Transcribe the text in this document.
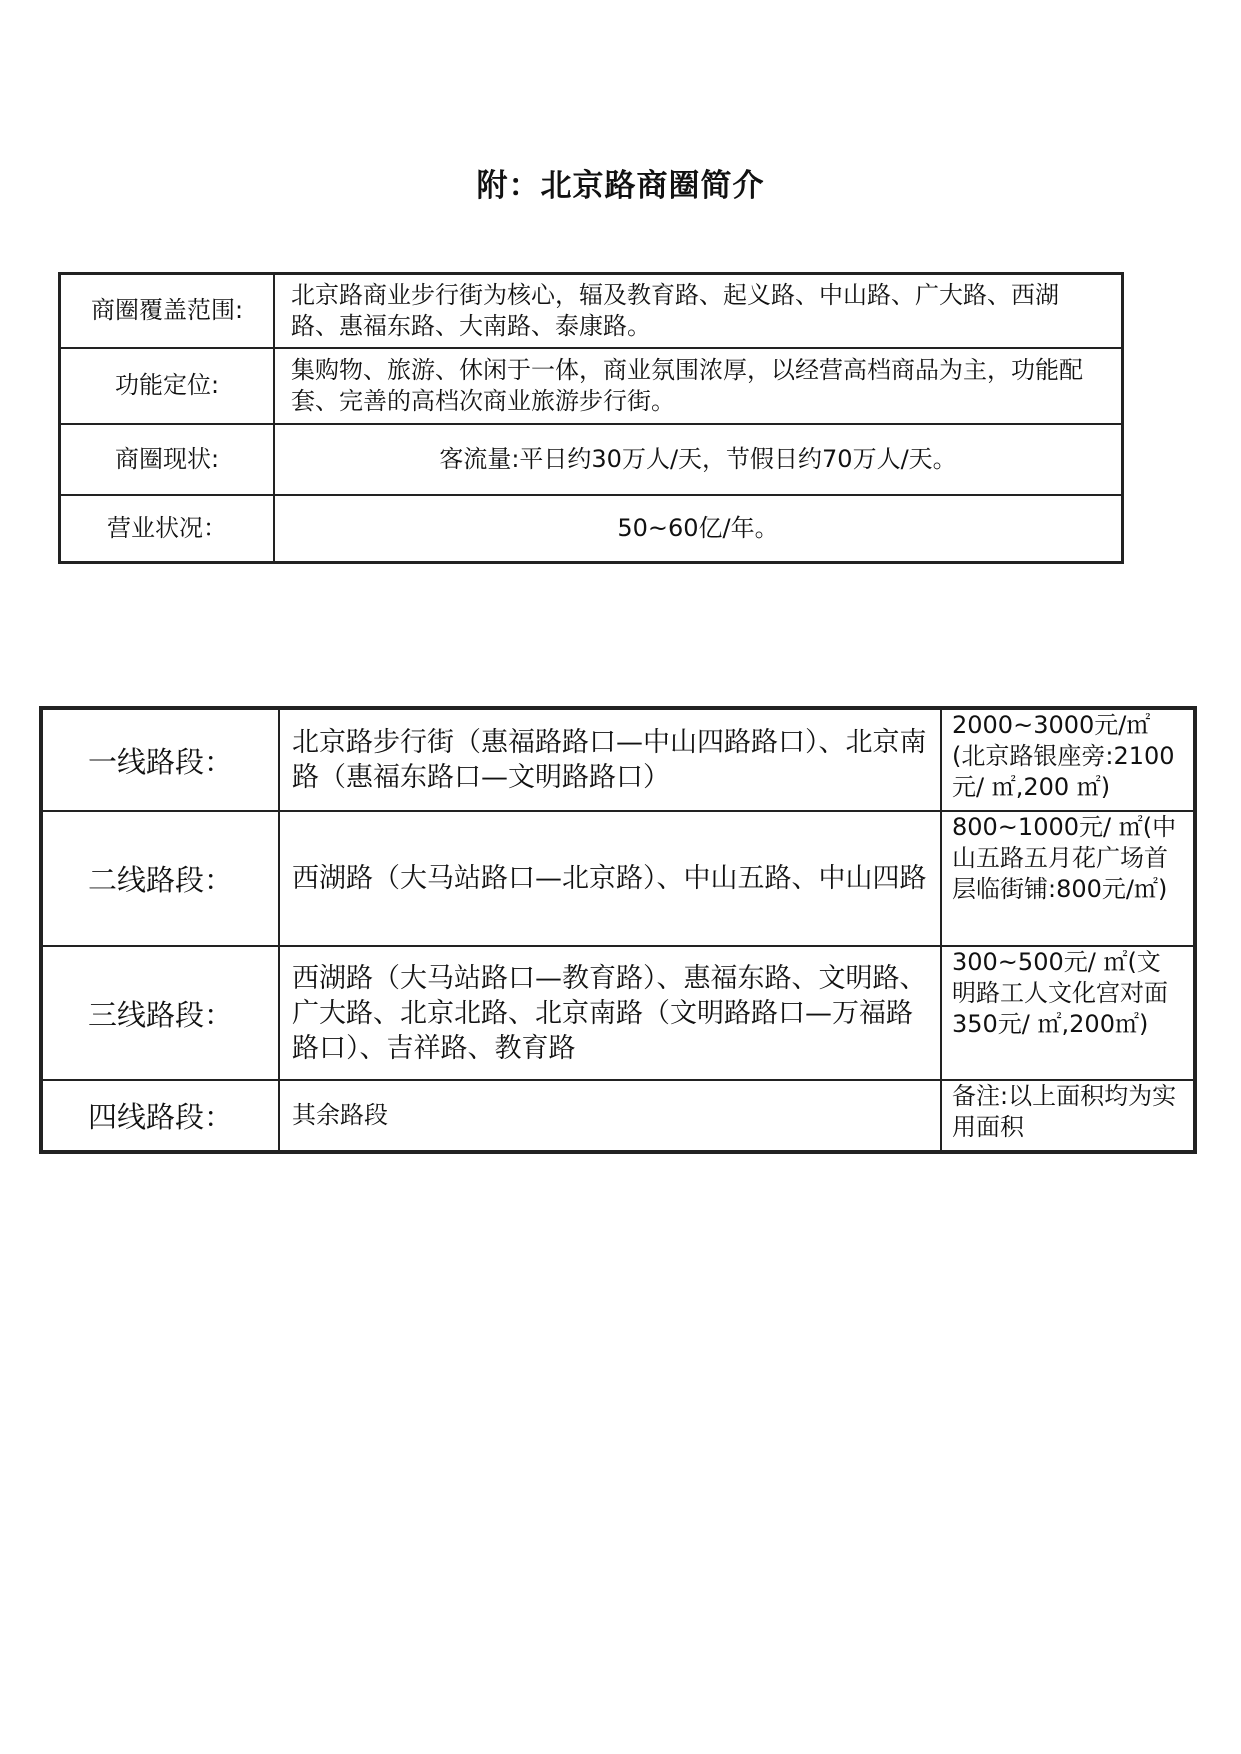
附：北京路商圈简介
商圈覆盖范围:	北京路商业步行街为核心，辐及教育路、起义路、中山路、广大路、西湖路、惠福东路、大南路、泰康路。
功能定位:	集购物、旅游、休闲于一体，商业氛围浓厚，以经营高档商品为主，功能配套、完善的高档次商业旅游步行街。
商圈现状:	客流量:平日约30万人/天，节假日约70万人/天。
营业状况：	50~60亿/年。
一线路段：	北京路步行街（惠福路路口—中山四路路口）、北京南路（惠福东路口—文明路路口）	2000~3000元/㎡(北京路银座旁:2100元/ ㎡,200 ㎡)
二线路段：	西湖路（大马站路口—北京路）、中山五路、中山四路	800~1000元/ ㎡(中山五路五月花广场首层临街铺:800元/㎡)
三线路段：	西湖路（大马站路口—教育路）、惠福东路、文明路、广大路、北京北路、北京南路（文明路路口—万福路路口）、吉祥路、教育路	300~500元/ ㎡(文明路工人文化宫对面350元/ ㎡,200㎡)
四线路段：	其余路段	备注:以上面积均为实用面积
